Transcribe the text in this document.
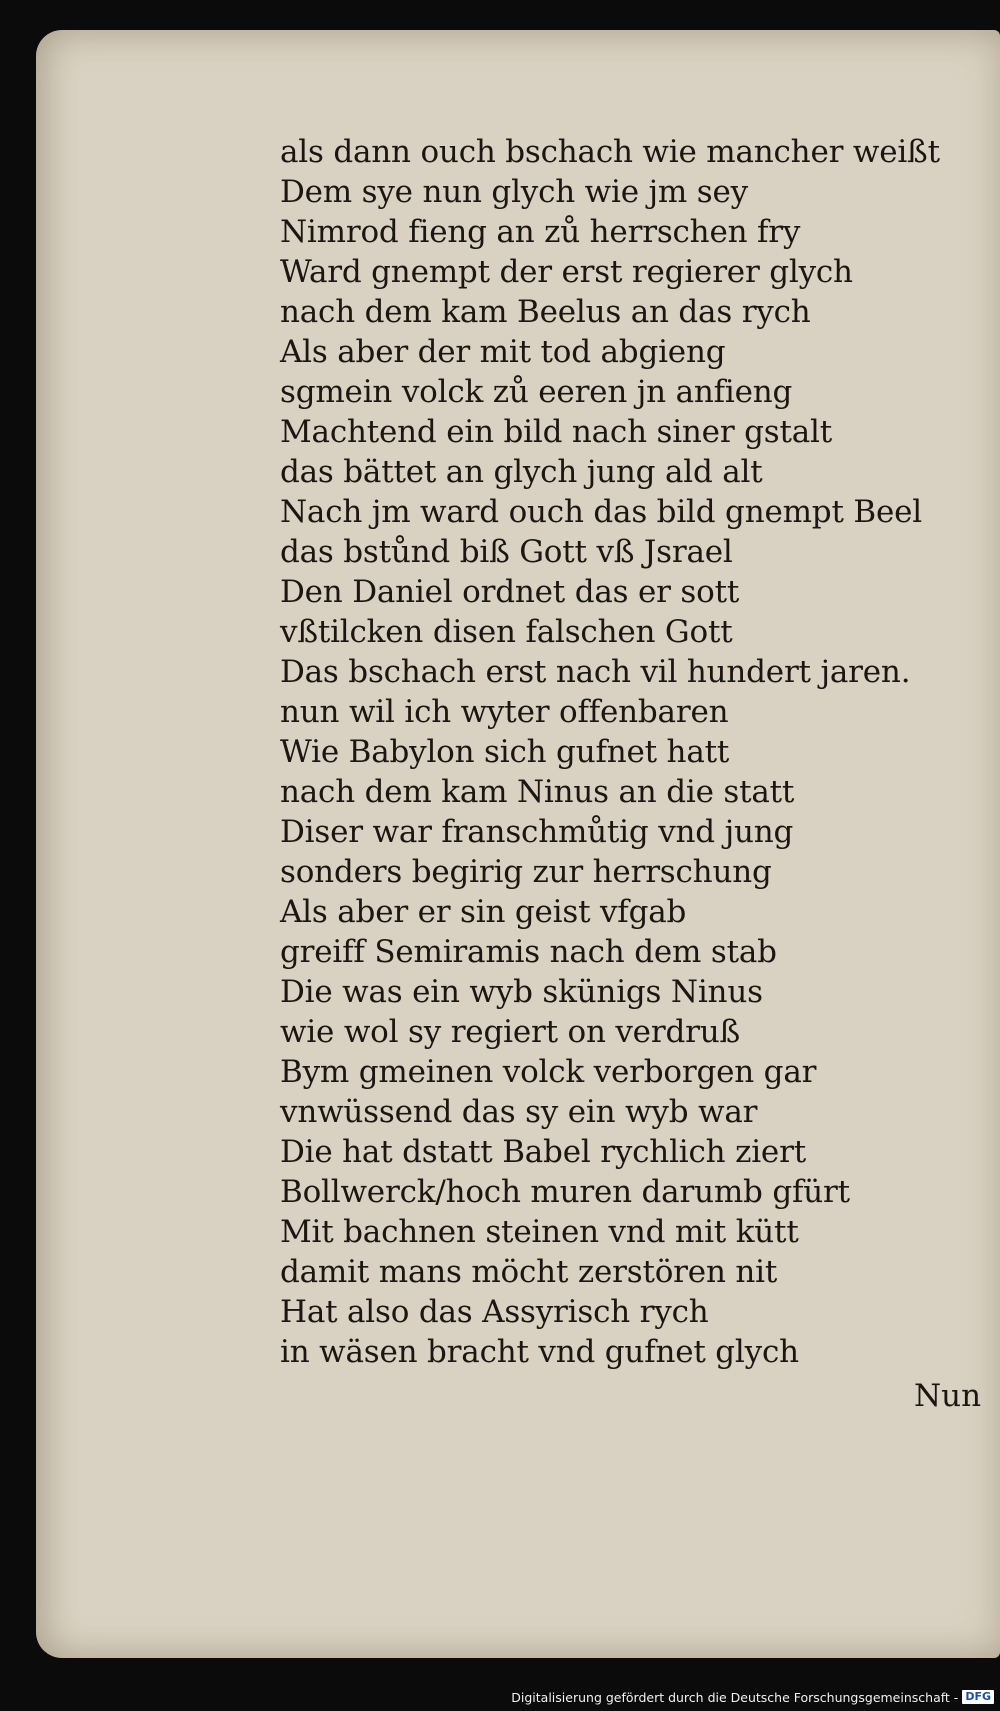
als dann ouch bschach wie mancher weißt
Dem sye nun glych wie jm sey
Nimrod fieng an zů herrschen fry
Ward gnempt der erst regierer glych
nach dem kam Beelus an das rych
Als aber der mit tod abgieng
sgmein volck zů eeren jn anfieng
Machtend ein bild nach siner gstalt
das bättet an glych jung ald alt
Nach jm ward ouch das bild gnempt Beel
das bstůnd biß Gott vß Jsrael
Den Daniel ordnet das er sott
vßtilcken disen falschen Gott
Das bschach erst nach vil hundert jaren.
nun wil ich wyter offenbaren
Wie Babylon sich gufnet hatt
nach dem kam Ninus an die statt
Diser war franschmůtig vnd jung
sonders begirig zur herrschung
Als aber er sin geist vfgab
greiff Semiramis nach dem stab
Die was ein wyb skünigs Ninus
wie wol sy regiert on verdruß
Bym gmeinen volck verborgen gar
vnwüssend das sy ein wyb war
Die hat dstatt Babel rychlich ziert
Bollwerck/hoch muren darumb gfürt
Mit bachnen steinen vnd mit kütt
damit mans möcht zerstören nit
Hat also das Assyrisch rych
in wäsen bracht vnd gufnet glych
Nun
Digitalisierung gefördert durch die Deutsche Forschungsgemeinschaft - DFG
